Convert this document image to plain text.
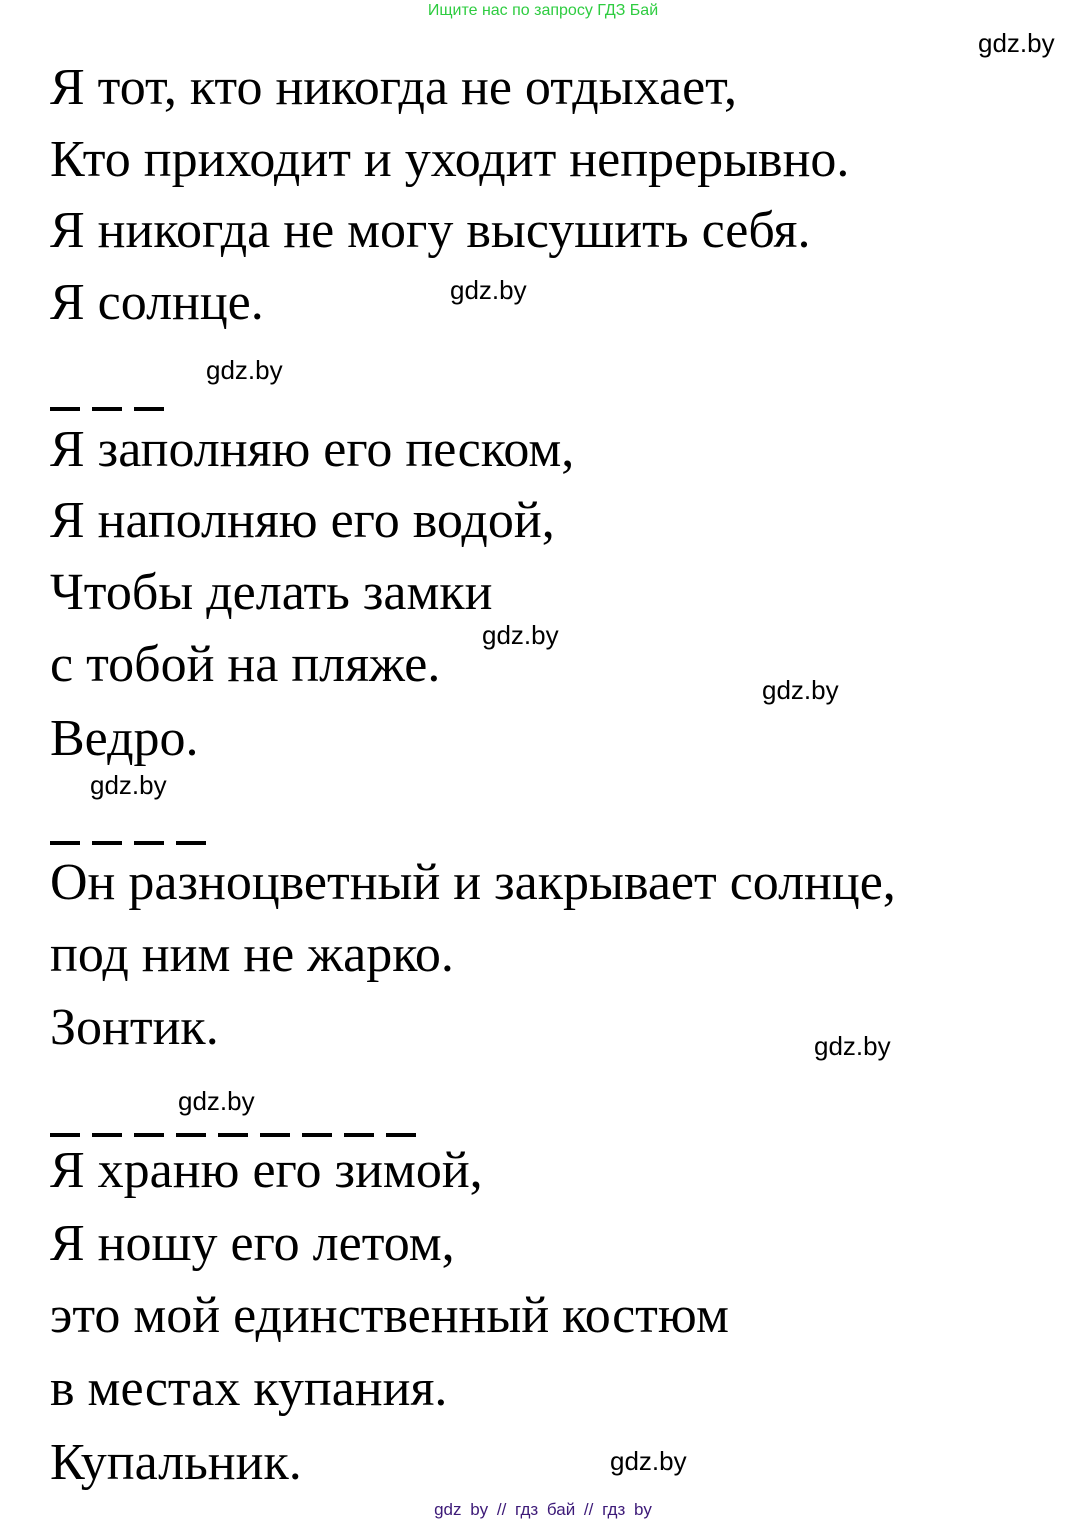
Ищите нас по запросу ГДЗ Бай
Я тот, кто никогда не отдыхает,
Кто приходит и уходит непрерывно.
Я никогда не могу высушить себя.
Я солнце.
Я заполняю его песком,
Я наполняю его водой,
Чтобы делать замки
с тобой на пляже.
Ведро.
Он разноцветный и закрывает солнце,
под ним не жарко.
Зонтик.
Я храню его зимой,
Я ношу его летом,
это мой единственный костюм
в местах купания.
Купальник.
gdz.by
gdz.by
gdz.by
gdz.by
gdz.by
gdz.by
gdz.by
gdz.by
gdz.by
gdz by // гдз бай // гдз by
